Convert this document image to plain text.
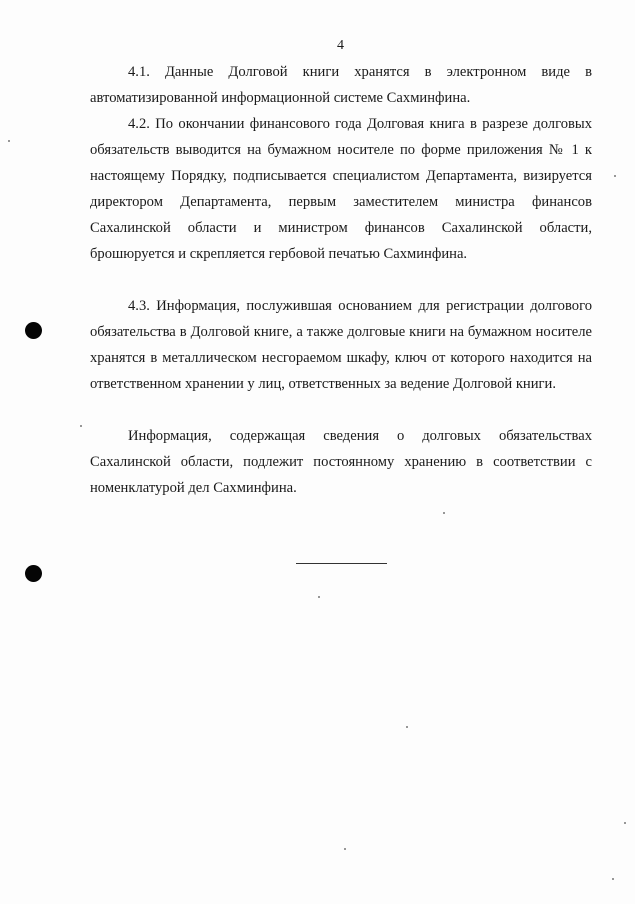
4

4.1. Данные Долговой книги хранятся в электронном виде в автоматизированной информационной системе Сахминфина.

4.2. По окончании финансового года Долговая книга в разрезе долговых обязательств выводится на бумажном носителе по форме приложения № 1 к настоящему Порядку, подписывается специалистом Департамента, визируется директором Департамента, первым заместителем министра финансов Сахалинской области и министром финансов Сахалинской области, брошюруется и скрепляется гербовой печатью Сахминфина.

4.3. Информация, послужившая основанием для регистрации долгового обязательства в Долговой книге, а также долговые книги на бумажном носителе хранятся в металлическом несгораемом шкафу, ключ от которого находится на ответственном хранении у лиц, ответственных за ведение Долговой книги.

Информация, содержащая сведения о долговых обязательствах Сахалинской области, подлежит постоянному хранению в соответствии с номенклатурой дел Сахминфина.
